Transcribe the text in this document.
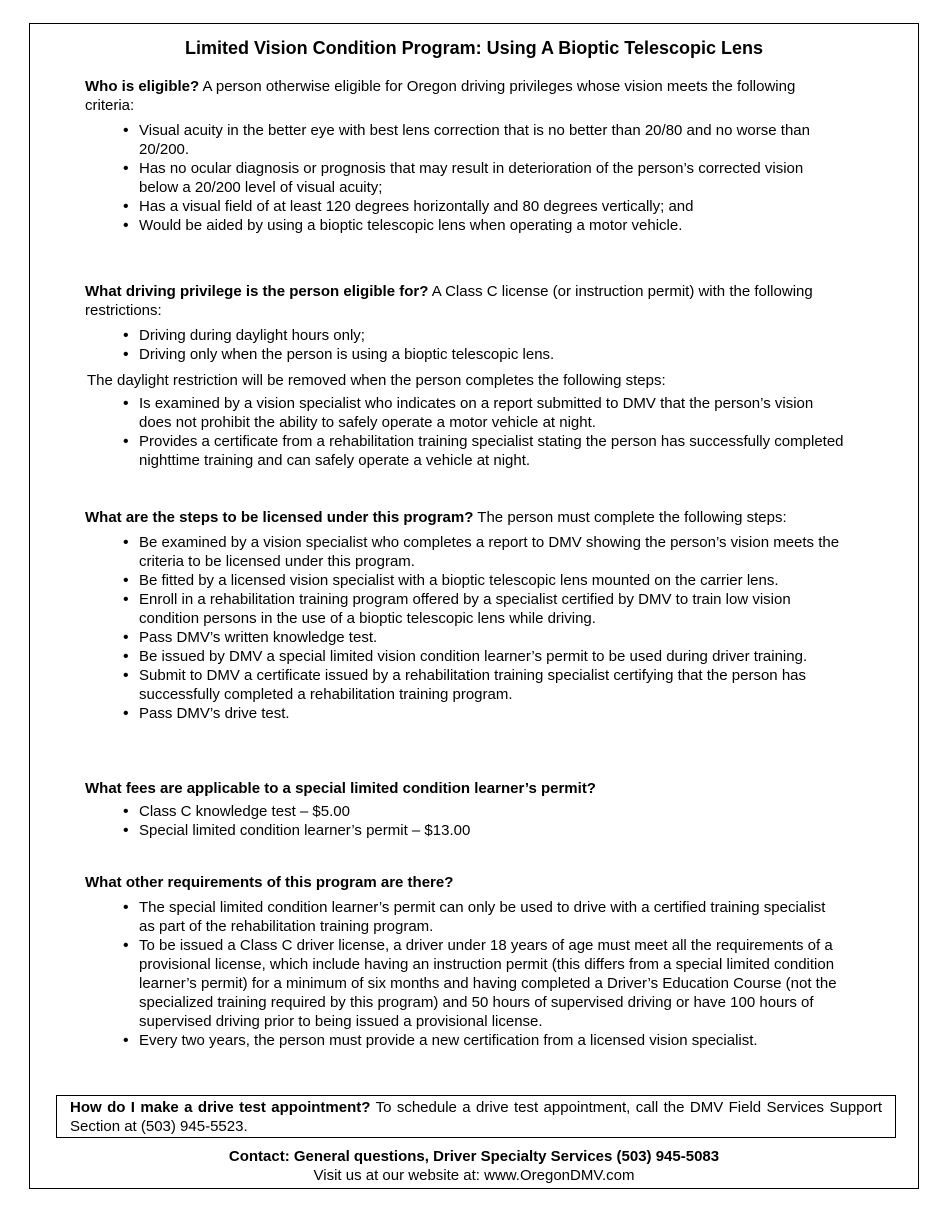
Limited Vision Condition Program: Using A Bioptic Telescopic Lens

Who is eligible? A person otherwise eligible for Oregon driving privileges whose vision meets the following criteria:

• Visual acuity in the better eye with best lens correction that is no better than 20/80 and no worse than 20/200.
• Has no ocular diagnosis or prognosis that may result in deterioration of the person’s corrected vision below a 20/200 level of visual acuity;
• Has a visual field of at least 120 degrees horizontally and 80 degrees vertically; and
• Would be aided by using a bioptic telescopic lens when operating a motor vehicle.

What driving privilege is the person eligible for? A Class C license (or instruction permit) with the following restrictions:

• Driving during daylight hours only;
• Driving only when the person is using a bioptic telescopic lens.

The daylight restriction will be removed when the person completes the following steps:

• Is examined by a vision specialist who indicates on a report submitted to DMV that the person’s vision does not prohibit the ability to safely operate a motor vehicle at night.
• Provides a certificate from a rehabilitation training specialist stating the person has successfully completed nighttime training and can safely operate a vehicle at night.

What are the steps to be licensed under this program? The person must complete the following steps:

• Be examined by a vision specialist who completes a report to DMV showing the person’s vision meets the criteria to be licensed under this program.
• Be fitted by a licensed vision specialist with a bioptic telescopic lens mounted on the carrier lens.
• Enroll in a rehabilitation training program offered by a specialist certified by DMV to train low vision condition persons in the use of a bioptic telescopic lens while driving.
• Pass DMV’s written knowledge test.
• Be issued by DMV a special limited vision condition learner’s permit to be used during driver training.
• Submit to DMV a certificate issued by a rehabilitation training specialist certifying that the person has successfully completed a rehabilitation training program.
• Pass DMV’s drive test.

What fees are applicable to a special limited condition learner’s permit?

• Class C knowledge test – $5.00
• Special limited condition learner’s permit – $13.00

What other requirements of this program are there?

• The special limited condition learner’s permit can only be used to drive with a certified training specialist as part of the rehabilitation training program.
• To be issued a Class C driver license, a driver under 18 years of age must meet all the requirements of a provisional license, which include having an instruction permit (this differs from a special limited condition learner’s permit) for a minimum of six months and having completed a Driver’s Education Course (not the specialized training required by this program) and 50 hours of supervised driving or have 100 hours of supervised driving prior to being issued a provisional license.
• Every two years, the person must provide a new certification from a licensed vision specialist.
How do I make a drive test appointment? To schedule a drive test appointment, call the DMV Field Services Support Section at (503) 945-5523.
Contact: General questions, Driver Specialty Services (503) 945-5083
Visit us at our website at: www.OregonDMV.com
